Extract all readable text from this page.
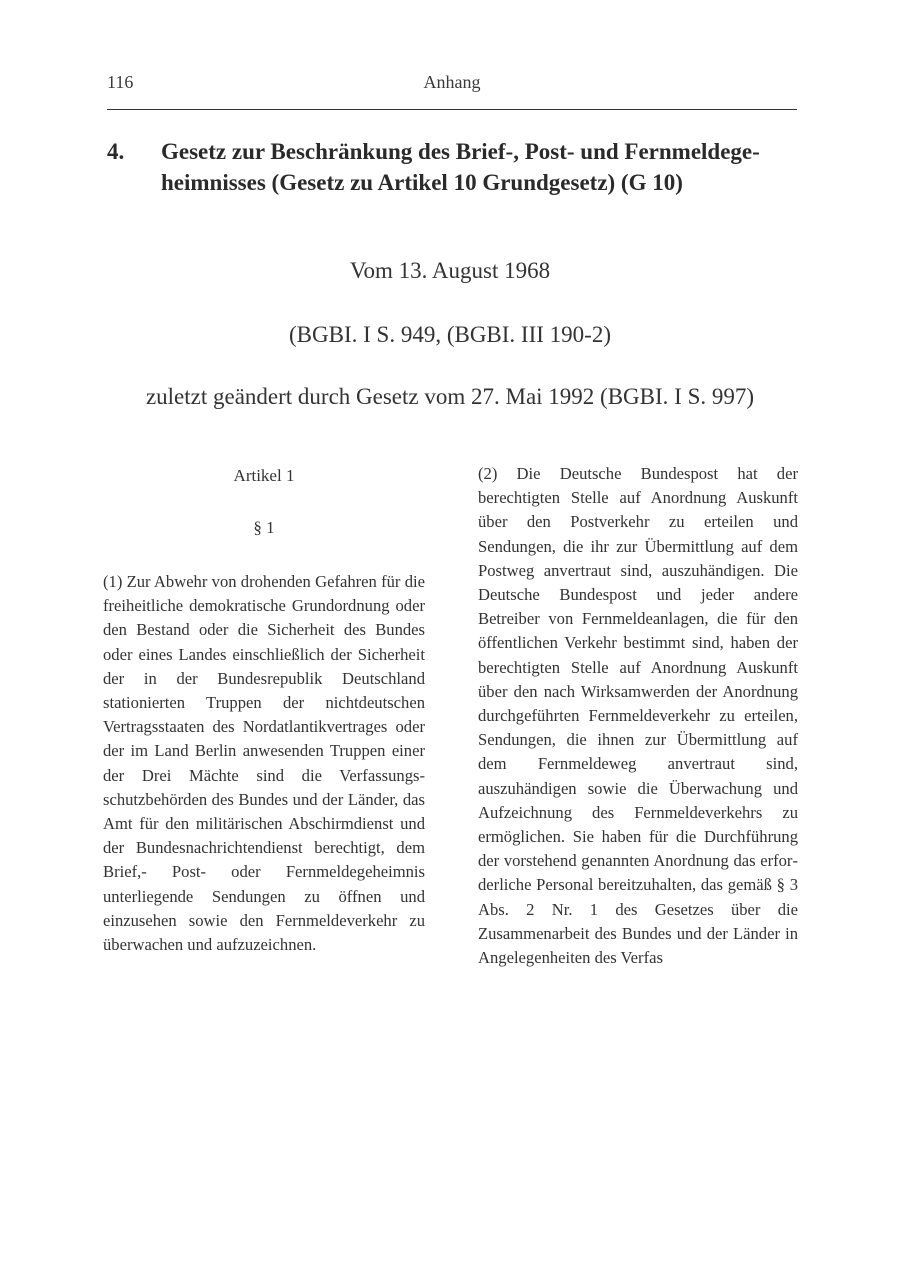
116	Anhang
4. Gesetz zur Beschränkung des Brief-, Post- und Fernmeldegeheimnisses (Gesetz zu Artikel 10 Grundgesetz) (G 10)
Vom 13. August 1968
(BGBI. I S. 949, (BGBI. III 190-2)
zuletzt geändert durch Gesetz vom 27. Mai 1992 (BGBI. I S. 997)

Artikel 1

§ 1

(1) Zur Abwehr von drohenden Gefahren für die freiheitliche demokratische Grundordnung oder den Bestand oder die Sicherheit des Bundes oder eines Landes einschließlich der Sicherheit der in der Bundesrepublik Deutschland stationierten Truppen der nichtdeutschen Vertragsstaaten des Nordatlantikvertrages oder der im Land Berlin anwesenden Truppen einer der Drei Mächte sind die Verfassungsschutzbehörden des Bundes und der Länder, das Amt für den militärischen Abschirmdienst und der Bundesnachrichtendienst berechtigt, dem Brief,- Post- oder Fernmeldegeheimnis unterliegende Sendungen zu öffnen und einzusehen sowie den Fernmeldeverkehr zu überwachen und aufzuzeichnen.

(2) Die Deutsche Bundespost hat der berechtigten Stelle auf Anordnung Auskunft über den Postverkehr zu erteilen und Sendungen, die ihr zur Übermittlung auf dem Postweg anvertraut sind, auszuhändigen. Die Deutsche Bundespost und jeder andere Betreiber von Fernmeldeanlagen, die für den öffentlichen Verkehr bestimmt sind, haben der berechtigten Stelle auf Anordnung Auskunft über den nach Wirksamwerden der Anordnung durchgeführten Fernmeldeverkehr zu erteilen, Sendungen, die ihnen zur Übermittlung auf dem Fernmeldeweg anvertraut sind, auszuhändigen sowie die Überwachung und Aufzeichnung des Fernmeldeverkehrs zu ermöglichen. Sie haben für die Durchführung der vorstehend genannten Anordnung das erforderliche Personal bereitzuhalten, das gemäß § 3 Abs. 2 Nr. 1 des Gesetzes über die Zusammenarbeit des Bundes und der Länder in Angelegenheiten des Verfas
